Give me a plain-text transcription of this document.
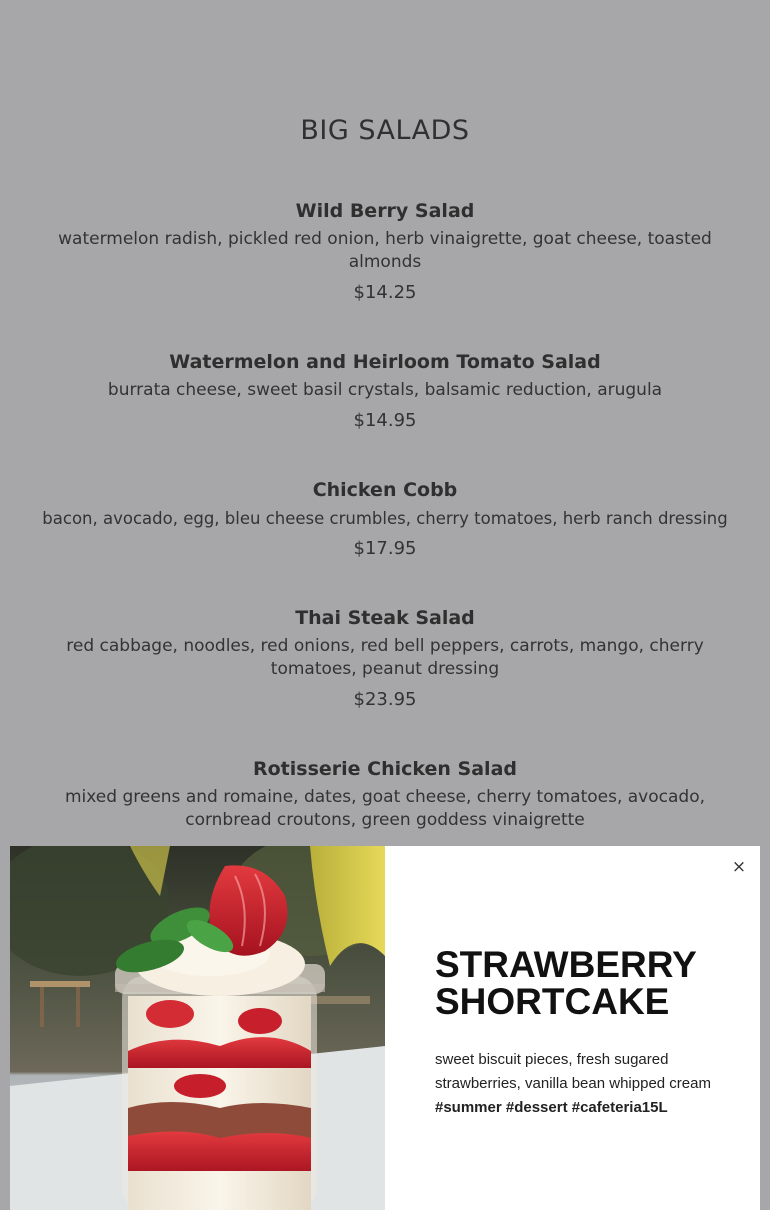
BIG SALADS

Wild Berry Salad

watermelon radish, pickled red onion, herb vinaigrette, goat cheese, toasted almonds

$14.25

Watermelon and Heirloom Tomato Salad

burrata cheese, sweet basil crystals, balsamic reduction, arugula

$14.95

Chicken Cobb

bacon, avocado, egg, bleu cheese crumbles, cherry tomatoes, herb ranch dressing

$17.95

Thai Steak Salad

red cabbage, noodles, red onions, red bell peppers, carrots, mango, cherry tomatoes, peanut dressing

$23.95

Rotisserie Chicken Salad

mixed greens and romaine, dates, goat cheese, cherry tomatoes, avocado, cornbread croutons, green goddess vinaigrette

×
STRAWBERRY
SHORTCAKE
sweet biscuit pieces, fresh sugared strawberries, vanilla bean whipped cream #summer #dessert #cafeteria15L
